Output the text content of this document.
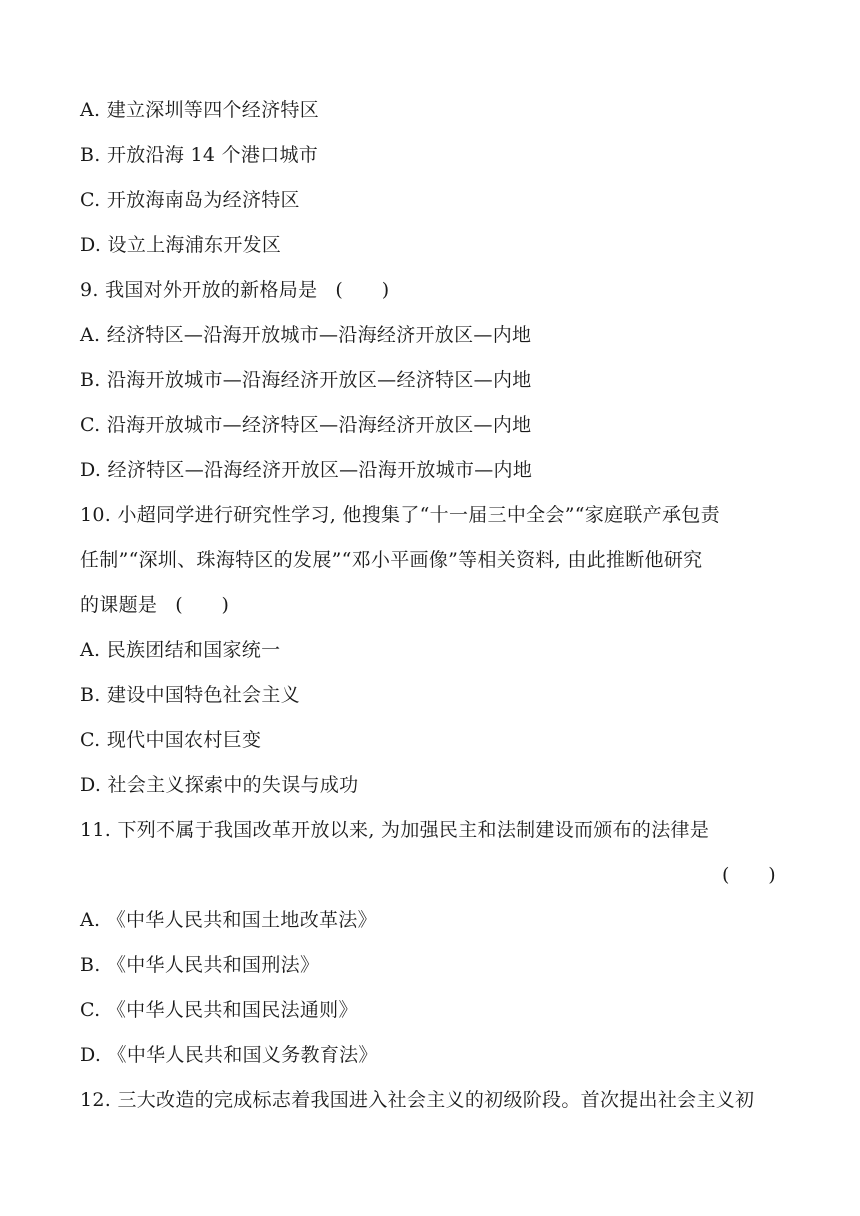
A. 建立深圳等四个经济特区
B. 开放沿海 14 个港口城市
C. 开放海南岛为经济特区
D. 设立上海浦东开发区
9. 我国对外开放的新格局是 (　　)
A. 经济特区—沿海开放城市—沿海经济开放区—内地
B. 沿海开放城市—沿海经济开放区—经济特区—内地
C. 沿海开放城市—经济特区—沿海经济开放区—内地
D. 经济特区—沿海经济开放区—沿海开放城市—内地
10. 小超同学进行研究性学习, 他搜集了“十一届三中全会”“家庭联产承包责
任制”“深圳、珠海特区的发展”“邓小平画像”等相关资料, 由此推断他研究
的课题是 (　　)
A. 民族团结和国家统一
B. 建设中国特色社会主义
C. 现代中国农村巨变
D. 社会主义探索中的失误与成功
11. 下列不属于我国改革开放以来, 为加强民主和法制建设而颁布的法律是
(　　)
A. 《中华人民共和国土地改革法》
B. 《中华人民共和国刑法》
C. 《中华人民共和国民法通则》
D. 《中华人民共和国义务教育法》
12. 三大改造的完成标志着我国进入社会主义的初级阶段。首次提出社会主义初
